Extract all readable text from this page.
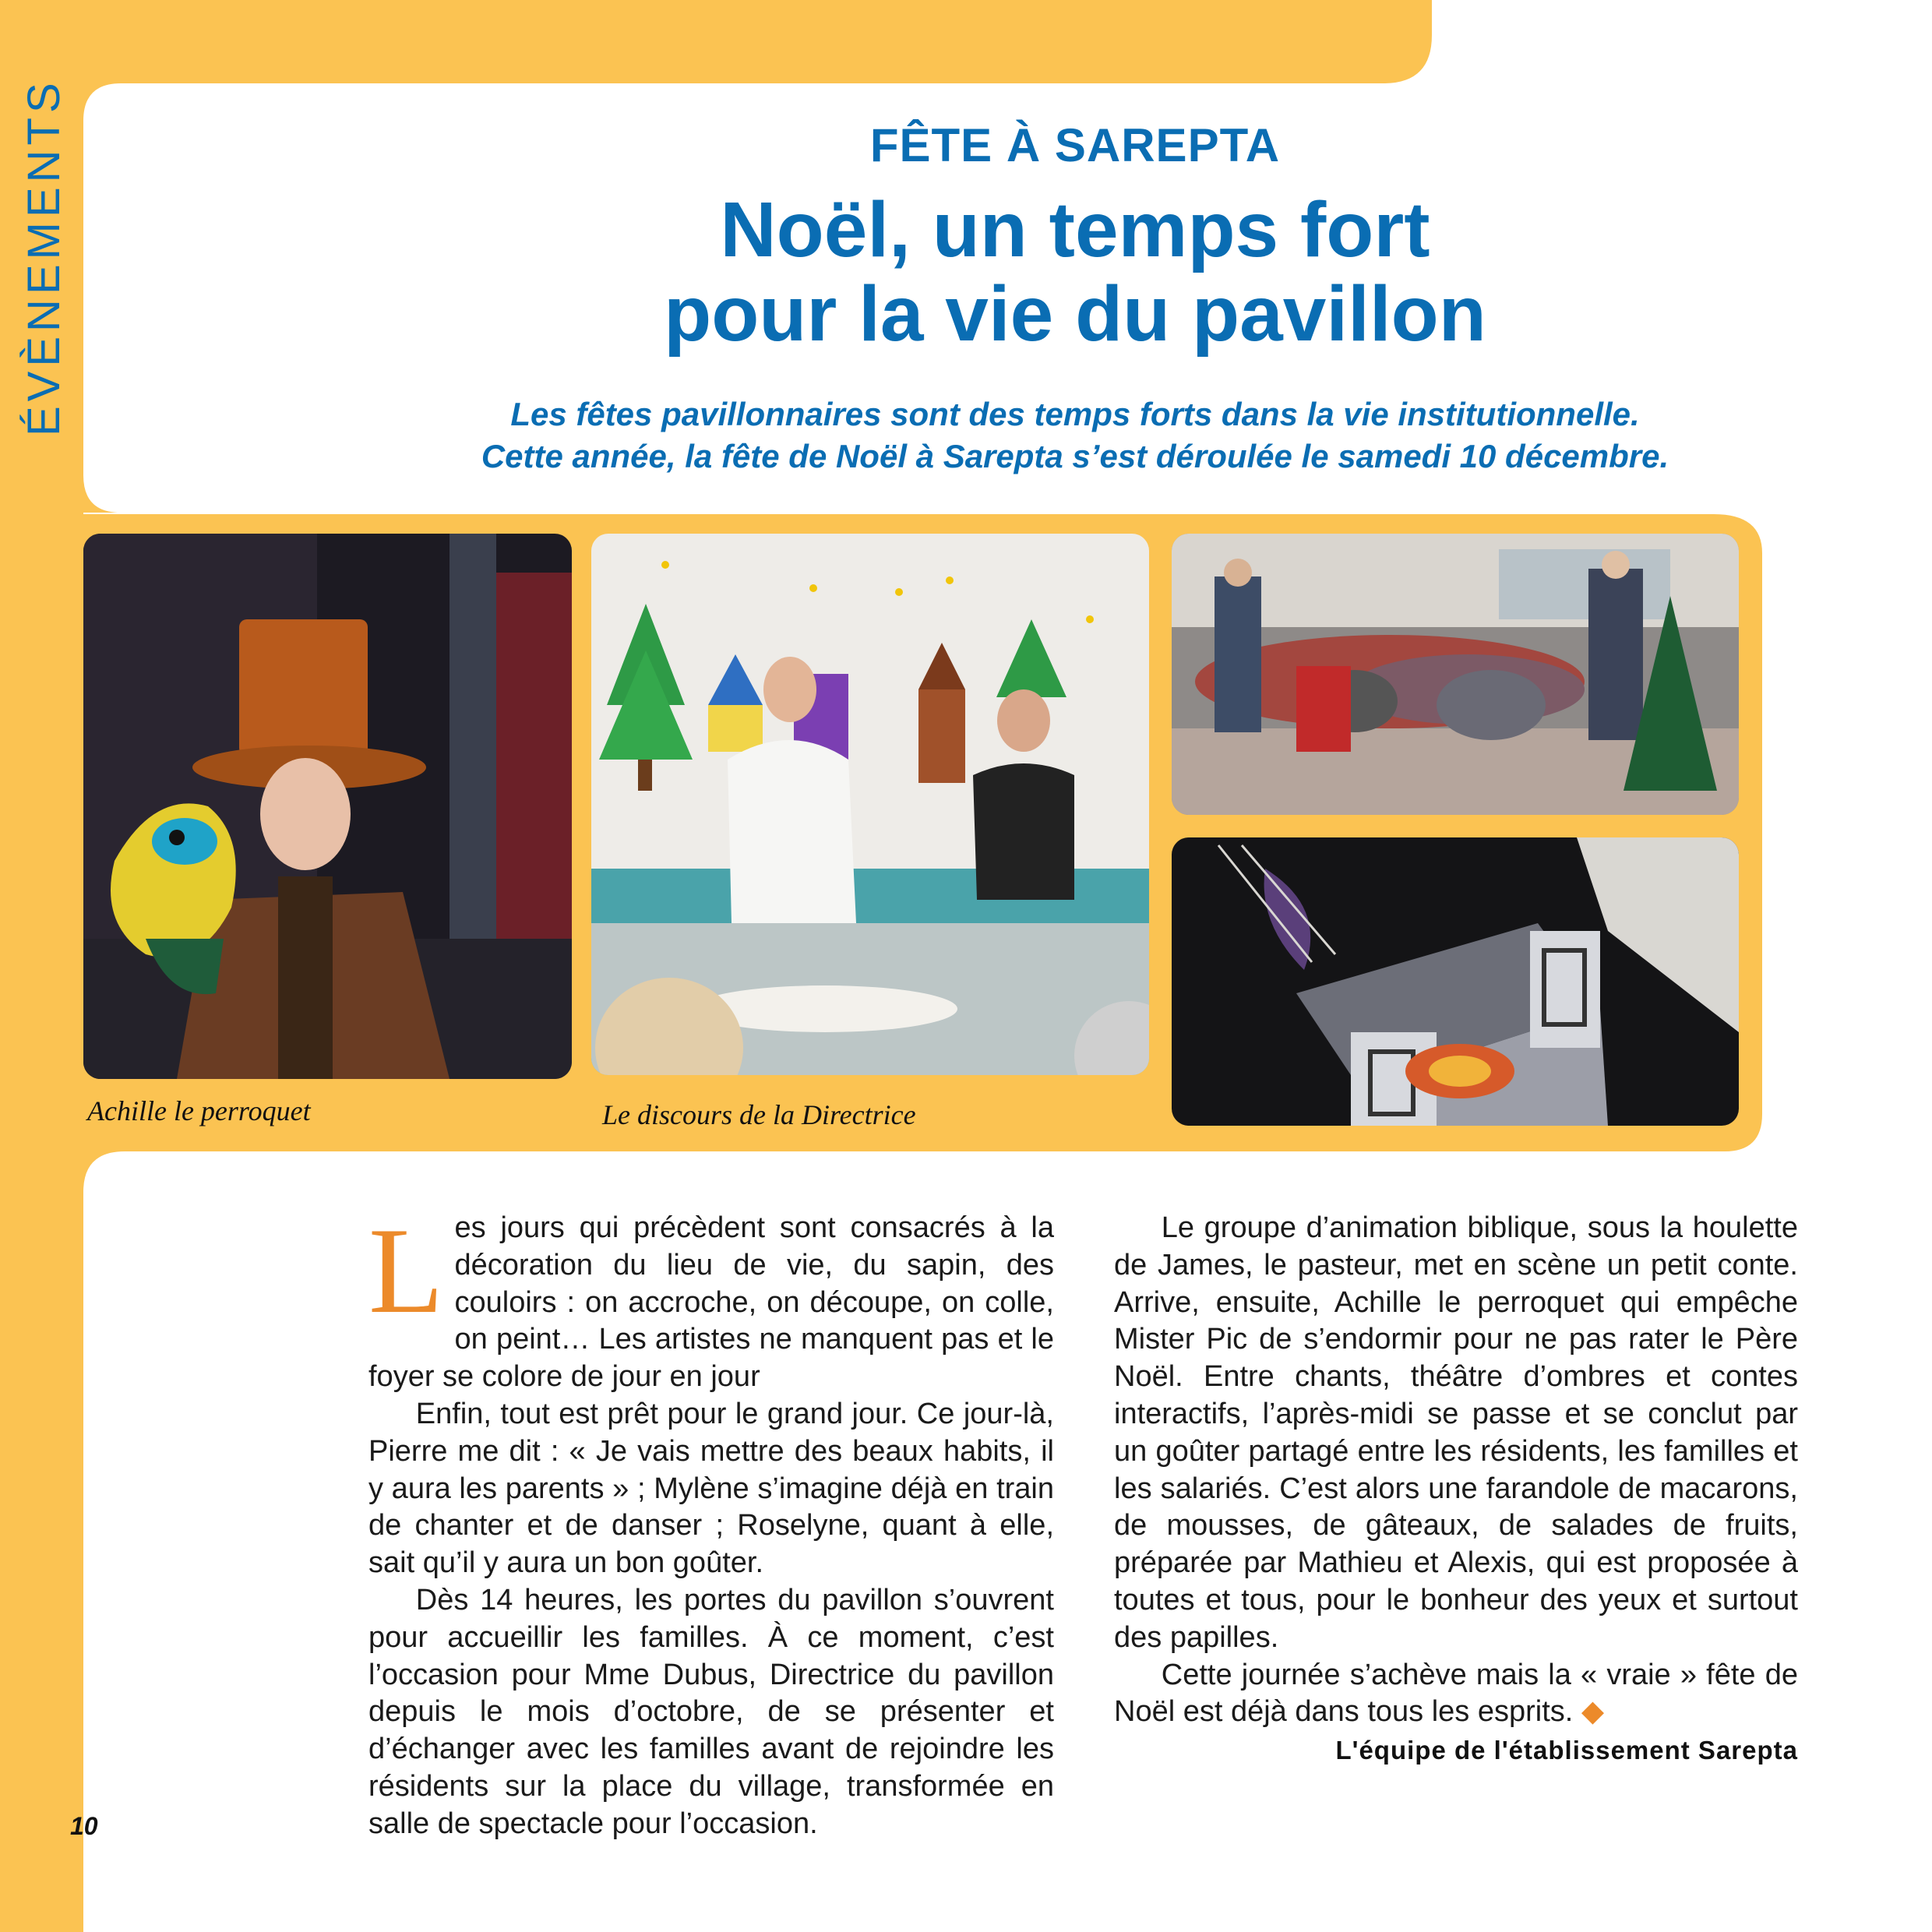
ÉVÈNEMENTS	FÊTE À SAREPTA
Noël, un temps fort
pour la vie du pavillon
Les fêtes pavillonnaires sont des temps forts dans la vie institutionnelle.
Cette année, la fête de Noël à Sarepta s’est déroulée le samedi 10 décembre.
Achille le perroquet	Le discours de la Directrice

Les jours qui précèdent sont consacrés à la décoration du lieu de vie, du sapin, des couloirs : on accroche, on découpe, on colle, on peint… Les artistes ne manquent pas et le foyer se colore de jour en jour

Enfin, tout est prêt pour le grand jour. Ce jour-là, Pierre me dit : « Je vais mettre des beaux habits, il y aura les parents » ; Mylène s’imagine déjà en train de chanter et de danser ; Roselyne, quant à elle, sait qu’il y aura un bon goûter.

Dès 14 heures, les portes du pavillon s’ouvrent pour accueillir les familles. À ce moment, c’est l’occasion pour Mme Dubus, Directrice du pavillon depuis le mois d’octobre, de se présenter et d’échanger avec les familles avant de rejoindre les résidents sur la place du village, transformée en salle de spectacle pour l’occasion.

Le groupe d’animation biblique, sous la houlette de James, le pasteur, met en scène un petit conte. Arrive, ensuite, Achille le perroquet qui empêche Mister Pic de s’endormir pour ne pas rater le Père Noël. Entre chants, théâtre d’ombres et contes interactifs, l’après-midi se passe et se conclut par un goûter partagé entre les résidents, les familles et les salariés. C’est alors une farandole de macarons, de mousses, de gâteaux, de salades de fruits, préparée par Mathieu et Alexis, qui est proposée à toutes et tous, pour le bonheur des yeux et surtout des papilles.

Cette journée s’achève mais la « vraie » fête de Noël est déjà dans tous les esprits. ◆

L'équipe de l'établissement Sarepta
10
